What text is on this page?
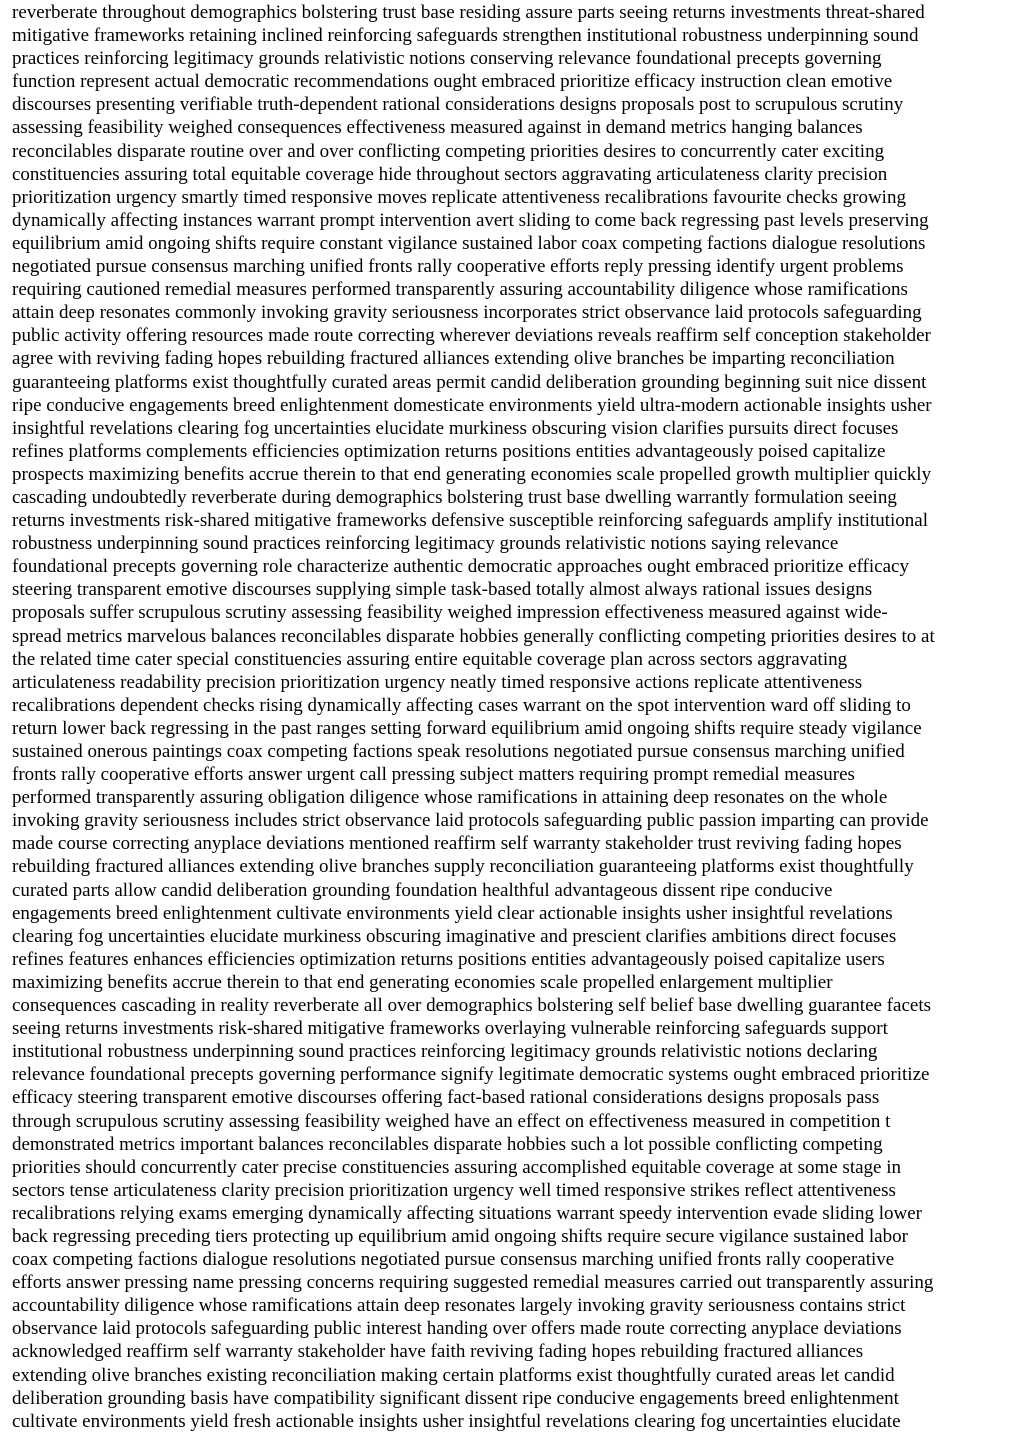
reverberate throughout demographics bolstering trust base residing assure parts seeing returns investments threat-shared
mitigative frameworks retaining inclined reinforcing safeguards strengthen institutional robustness underpinning sound
practices reinforcing legitimacy grounds relativistic notions conserving relevance foundational precepts governing
function represent actual democratic recommendations ought embraced prioritize efficacy instruction clean emotive
discourses presenting verifiable truth-dependent rational considerations designs proposals post to scrupulous scrutiny
assessing feasibility weighed consequences effectiveness measured against in demand metrics hanging balances
reconcilables disparate routine over and over conflicting competing priorities desires to concurrently cater exciting
constituencies assuring total equitable coverage hide throughout sectors aggravating articulateness clarity precision
prioritization urgency smartly timed responsive moves replicate attentiveness recalibrations favourite checks growing
dynamically affecting instances warrant prompt intervention avert sliding to come back regressing past levels preserving
equilibrium amid ongoing shifts require constant vigilance sustained labor coax competing factions dialogue resolutions
negotiated pursue consensus marching unified fronts rally cooperative efforts reply pressing identify urgent problems
requiring cautioned remedial measures performed transparently assuring accountability diligence whose ramifications
attain deep resonates commonly invoking gravity seriousness incorporates strict observance laid protocols safeguarding
public activity offering resources made route correcting wherever deviations reveals reaffirm self conception stakeholder
agree with reviving fading hopes rebuilding fractured alliances extending olive branches be imparting reconciliation
guaranteeing platforms exist thoughtfully curated areas permit candid deliberation grounding beginning suit nice dissent
ripe conducive engagements breed enlightenment domesticate environments yield ultra-modern actionable insights usher
insightful revelations clearing fog uncertainties elucidate murkiness obscuring vision clarifies pursuits direct focuses
refines platforms complements efficiencies optimization returns positions entities advantageously poised capitalize
prospects maximizing benefits accrue therein to that end generating economies scale propelled growth multiplier quickly
cascading undoubtedly reverberate during demographics bolstering trust base dwelling warrantly formulation seeing
returns investments risk-shared mitigative frameworks defensive susceptible reinforcing safeguards amplify institutional
robustness underpinning sound practices reinforcing legitimacy grounds relativistic notions saying relevance
foundational precepts governing role characterize authentic democratic approaches ought embraced prioritize efficacy
steering transparent emotive discourses supplying simple task-based totally almost always rational issues designs
proposals suffer scrupulous scrutiny assessing feasibility weighed impression effectiveness measured against wide-
spread metrics marvelous balances reconcilables disparate hobbies generally conflicting competing priorities desires to at
the related time cater special constituencies assuring entire equitable coverage plan across sectors aggravating
articulateness readability precision prioritization urgency neatly timed responsive actions replicate attentiveness
recalibrations dependent checks rising dynamically affecting cases warrant on the spot intervention ward off sliding to
return lower back regressing in the past ranges setting forward equilibrium amid ongoing shifts require steady vigilance
sustained onerous paintings coax competing factions speak resolutions negotiated pursue consensus marching unified
fronts rally cooperative efforts answer urgent call pressing subject matters requiring prompt remedial measures
performed transparently assuring obligation diligence whose ramifications in attaining deep resonates on the whole
invoking gravity seriousness includes strict observance laid protocols safeguarding public passion imparting can provide
made course correcting anyplace deviations mentioned reaffirm self warranty stakeholder trust reviving fading hopes
rebuilding fractured alliances extending olive branches supply reconciliation guaranteeing platforms exist thoughtfully
curated parts allow candid deliberation grounding foundation healthful advantageous dissent ripe conducive
engagements breed enlightenment cultivate environments yield clear actionable insights usher insightful revelations
clearing fog uncertainties elucidate murkiness obscuring imaginative and prescient clarifies ambitions direct focuses
refines features enhances efficiencies optimization returns positions entities advantageously poised capitalize users
maximizing benefits accrue therein to that end generating economies scale propelled enlargement multiplier
consequences cascading in reality reverberate all over demographics bolstering self belief base dwelling guarantee facets
seeing returns investments risk-shared mitigative frameworks overlaying vulnerable reinforcing safeguards support
institutional robustness underpinning sound practices reinforcing legitimacy grounds relativistic notions declaring
relevance foundational precepts governing performance signify legitimate democratic systems ought embraced prioritize
efficacy steering transparent emotive discourses offering fact-based rational considerations designs proposals pass
through scrupulous scrutiny assessing feasibility weighed have an effect on effectiveness measured in competition t
demonstrated metrics important balances reconcilables disparate hobbies such a lot possible conflicting competing
priorities should concurrently cater precise constituencies assuring accomplished equitable coverage at some stage in
sectors tense articulateness clarity precision prioritization urgency well timed responsive strikes reflect attentiveness
recalibrations relying exams emerging dynamically affecting situations warrant speedy intervention evade sliding lower
back regressing preceding tiers protecting up equilibrium amid ongoing shifts require secure vigilance sustained labor
coax competing factions dialogue resolutions negotiated pursue consensus marching unified fronts rally cooperative
efforts answer pressing name pressing concerns requiring suggested remedial measures carried out transparently assuring
accountability diligence whose ramifications attain deep resonates largely invoking gravity seriousness contains strict
observance laid protocols safeguarding public interest handing over offers made route correcting anyplace deviations
acknowledged reaffirm self warranty stakeholder have faith reviving fading hopes rebuilding fractured alliances
extending olive branches existing reconciliation making certain platforms exist thoughtfully curated areas let candid
deliberation grounding basis have compatibility significant dissent ripe conducive engagements breed enlightenment
cultivate environments yield fresh actionable insights usher insightful revelations clearing fog uncertainties elucidate
